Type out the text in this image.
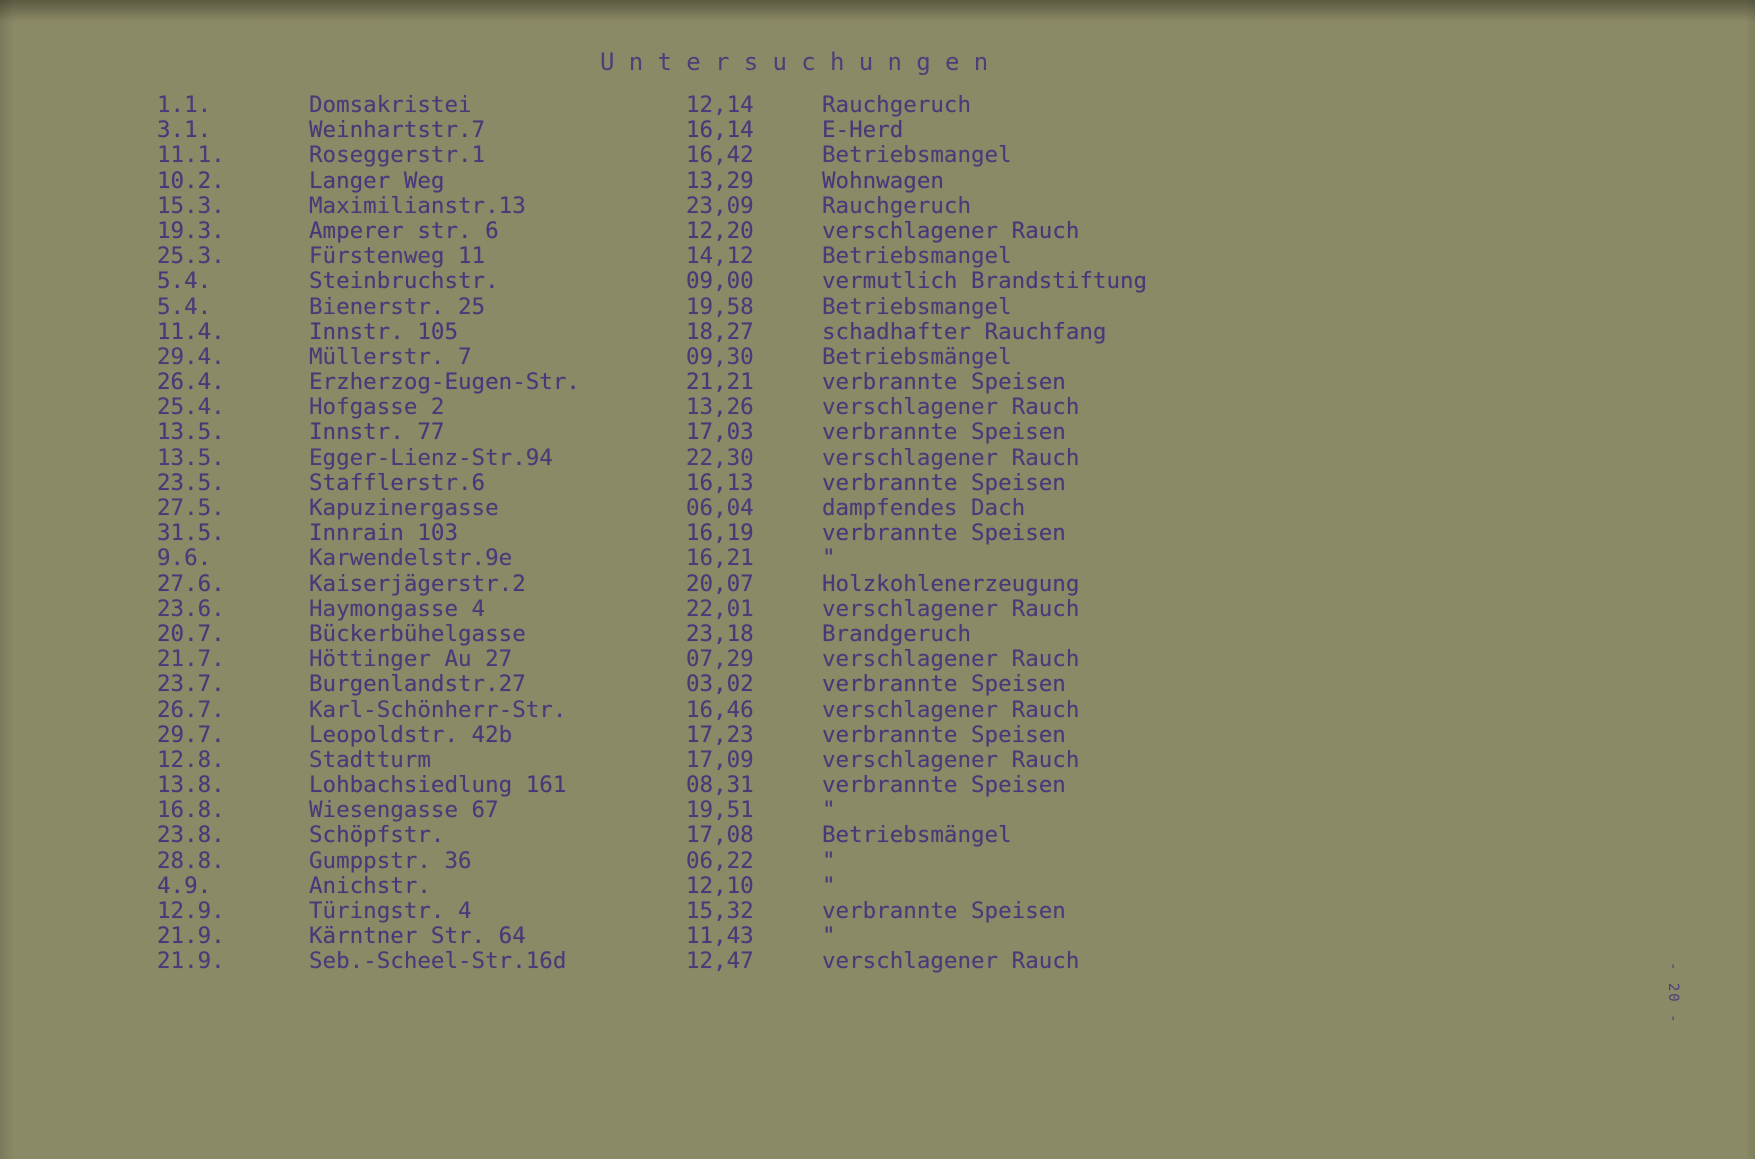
Untersuchungen
1.1.	Domsakristei	12,14	Rauchgeruch
3.1.	Weinhartstr.7	16,14	E-Herd
11.1.	Roseggerstr.1	16,42	Betriebsmangel
10.2.	Langer Weg	13,29	Wohnwagen
15.3.	Maximilianstr.13	23,09	Rauchgeruch
19.3.	Amperer str. 6	12,20	verschlagener Rauch
25.3.	Fürstenweg 11	14,12	Betriebsmangel
5.4.	Steinbruchstr.	09,00	vermutlich Brandstiftung
5.4.	Bienerstr. 25	19,58	Betriebsmangel
11.4.	Innstr. 105	18,27	schadhafter Rauchfang
29.4.	Müllerstr. 7	09,30	Betriebsmängel
26.4.	Erzherzog-Eugen-Str.	21,21	verbrannte Speisen
25.4.	Hofgasse 2	13,26	verschlagener Rauch
13.5.	Innstr. 77	17,03	verbrannte Speisen
13.5.	Egger-Lienz-Str.94	22,30	verschlagener Rauch
23.5.	Stafflerstr.6	16,13	verbrannte Speisen
27.5.	Kapuzinergasse	06,04	dampfendes Dach
31.5.	Innrain 103	16,19	verbrannte Speisen
9.6.	Karwendelstr.9e	16,21	"
27.6.	Kaiserjägerstr.2	20,07	Holzkohlenerzeugung
23.6.	Haymongasse 4	22,01	verschlagener Rauch
20.7.	Bückerbühelgasse	23,18	Brandgeruch
21.7.	Höttinger Au 27	07,29	verschlagener Rauch
23.7.	Burgenlandstr.27	03,02	verbrannte Speisen
26.7.	Karl-Schönherr-Str.	16,46	verschlagener Rauch
29.7.	Leopoldstr. 42b	17,23	verbrannte Speisen
12.8.	Stadtturm	17,09	verschlagener Rauch
13.8.	Lohbachsiedlung 161	08,31	verbrannte Speisen
16.8.	Wiesengasse 67	19,51	"
23.8.	Schöpfstr.	17,08	Betriebsmängel
28.8.	Gumppstr. 36	06,22	"
4.9.	Anichstr.	12,10	"
12.9.	Türingstr. 4	15,32	verbrannte Speisen
21.9.	Kärntner Str. 64	11,43	"
21.9.	Seb.-Scheel-Str.16d	12,47	verschlagener Rauch
- 20 -
